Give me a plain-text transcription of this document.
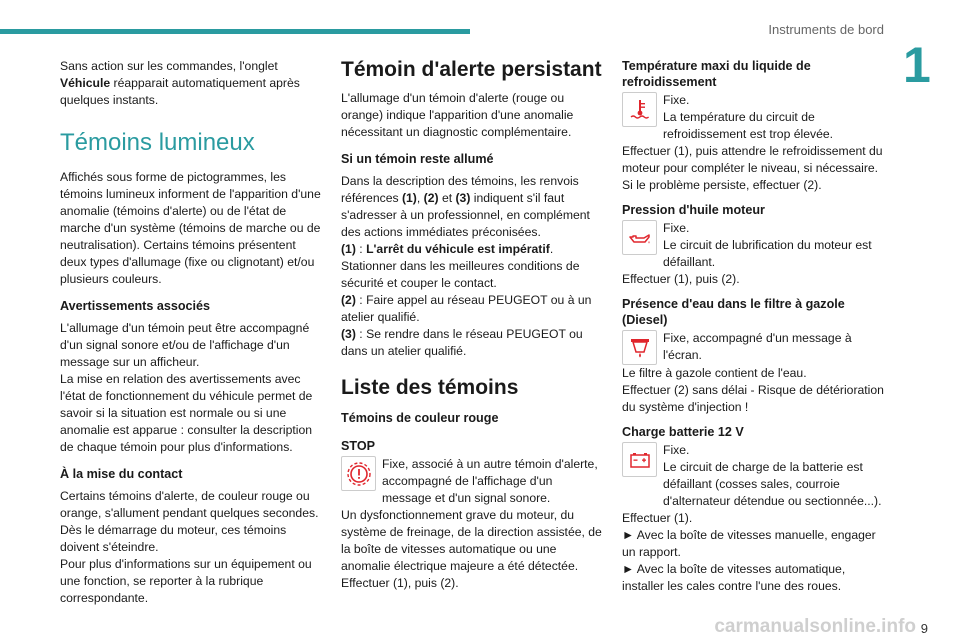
Instruments de bord
1

Sans action sur les commandes, l'onglet Véhicule réapparait automatiquement après quelques instants.

Témoins lumineux

Affichés sous forme de pictogrammes, les témoins lumineux informent de l'apparition d'une anomalie (témoins d'alerte) ou de l'état de marche d'un système (témoins de marche ou de neutralisation). Certains témoins présentent deux types d'allumage (fixe ou clignotant) et/ou plusieurs couleurs.

Avertissements associés

L'allumage d'un témoin peut être accompagné d'un signal sonore et/ou de l'affichage d'un message sur un afficheur.

La mise en relation des avertissements avec l'état de fonctionnement du véhicule permet de savoir si la situation est normale ou si une anomalie est apparue : consulter la description de chaque témoin pour plus d'informations.

À la mise du contact

Certains témoins d'alerte, de couleur rouge ou orange, s'allument pendant quelques secondes.

Dès le démarrage du moteur, ces témoins doivent s'éteindre.

Pour plus d'informations sur un équipement ou une fonction, se reporter à la rubrique correspondante.

Témoin d'alerte persistant

L'allumage d'un témoin d'alerte (rouge ou orange) indique l'apparition d'une anomalie nécessitant un diagnostic complémentaire.

Si un témoin reste allumé

Dans la description des témoins, les renvois références (1), (2) et (3) indiquent s'il faut s'adresser à un professionnel, en complément des actions immédiates préconisées.

(1) : L'arrêt du véhicule est impératif.

Stationner dans les meilleures conditions de sécurité et couper le contact.

(2) : Faire appel au réseau PEUGEOT ou à un atelier qualifié.

(3) : Se rendre dans le réseau PEUGEOT ou dans un atelier qualifié.

Liste des témoins
Témoins de couleur rouge
STOP
Fixe, associé à un autre témoin d'alerte, accompagné de l'affichage d'un message et d'un signal sonore.

Un dysfonctionnement grave du moteur, du système de freinage, de la direction assistée, de la boîte de vitesses automatique ou une anomalie électrique majeure a été détectée.

Effectuer (1), puis (2).

Température maxi du liquide de refroidissement
Fixe.
La température du circuit de refroidissement est trop élevée.

Effectuer (1), puis attendre le refroidissement du moteur pour compléter le niveau, si nécessaire.

Si le problème persiste, effectuer (2).

Pression d'huile moteur
Fixe.
Le circuit de lubrification du moteur est défaillant.

Effectuer (1), puis (2).

Présence d'eau dans le filtre à gazole (Diesel)
Fixe, accompagné d'un message à l'écran.

Le filtre à gazole contient de l'eau.

Effectuer (2) sans délai - Risque de détérioration du système d'injection !

Charge batterie 12 V
Fixe.
Le circuit de charge de la batterie est défaillant (cosses sales, courroie d'alternateur détendue ou sectionnée...).

Effectuer (1).

► Avec la boîte de vitesses manuelle, engager un rapport.

► Avec la boîte de vitesses automatique, installer les cales contre l'une des roues.

carmanualsonline.info 9
